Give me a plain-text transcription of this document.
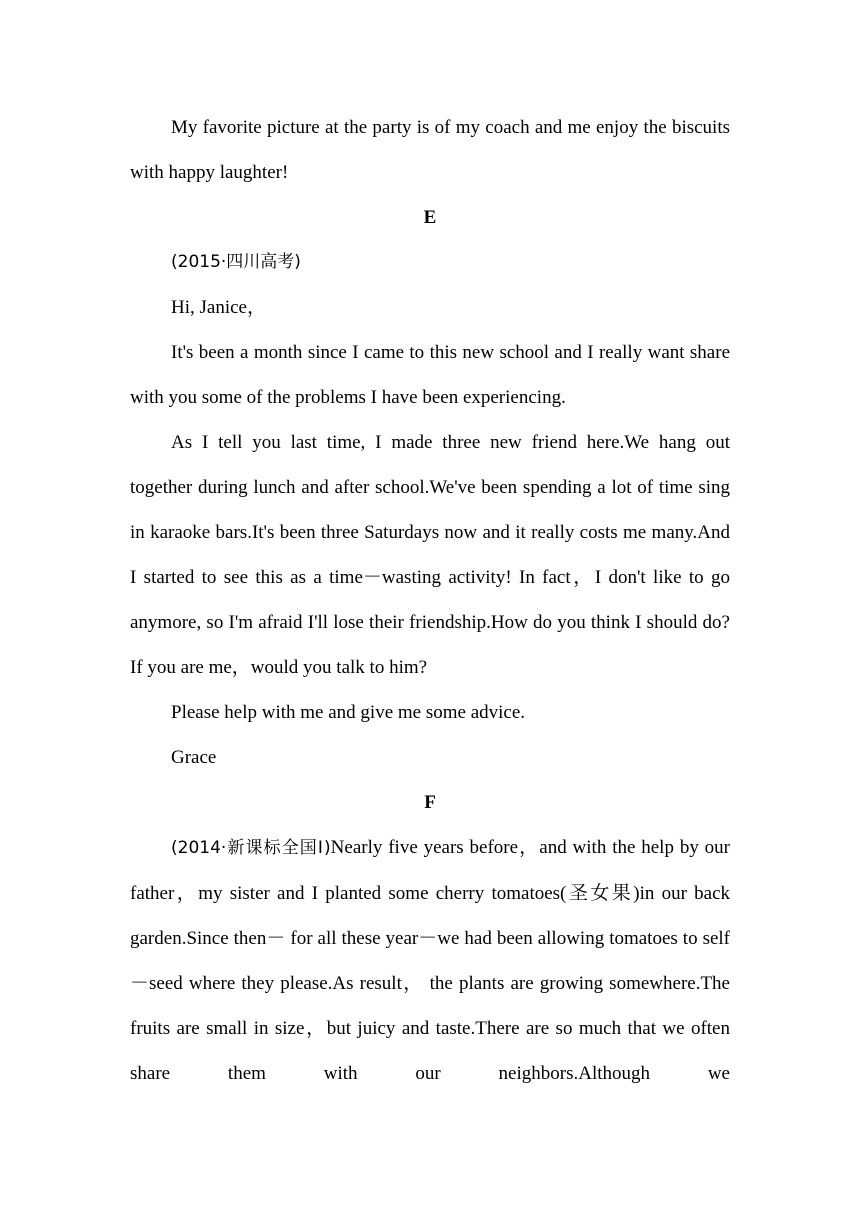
My favorite picture at the party is of my coach and me enjoy the biscuits with happy laughter!

E

(2015·四川高考)

Hi, Janice，

It's been a month since I came to this new school and I really want share with you some of the problems I have been experiencing.

As I tell you last time, I made three new friend here.We hang out together during lunch and after school.We've been spending a lot of time sing in karaoke bars.It's been three Saturdays now and it really costs me many.And I started to see this as a time－wasting activity! In fact，I don't like to go anymore, so I'm afraid I'll lose their friendship.How do you think I should do? If you are me，would you talk to him?

Please help with me and give me some advice.

Grace

F

(2014·新课标全国Ⅰ)Nearly five years before，and with the help by our father，my sister and I planted some cherry tomatoes(圣女果)in our back garden.Since then－ for all these year－we had been allowing tomatoes to self－seed where they please.As result， the plants are growing somewhere.The fruits are small in size，but juicy and taste.There are so much that we often share them with our neighbors.Although we
